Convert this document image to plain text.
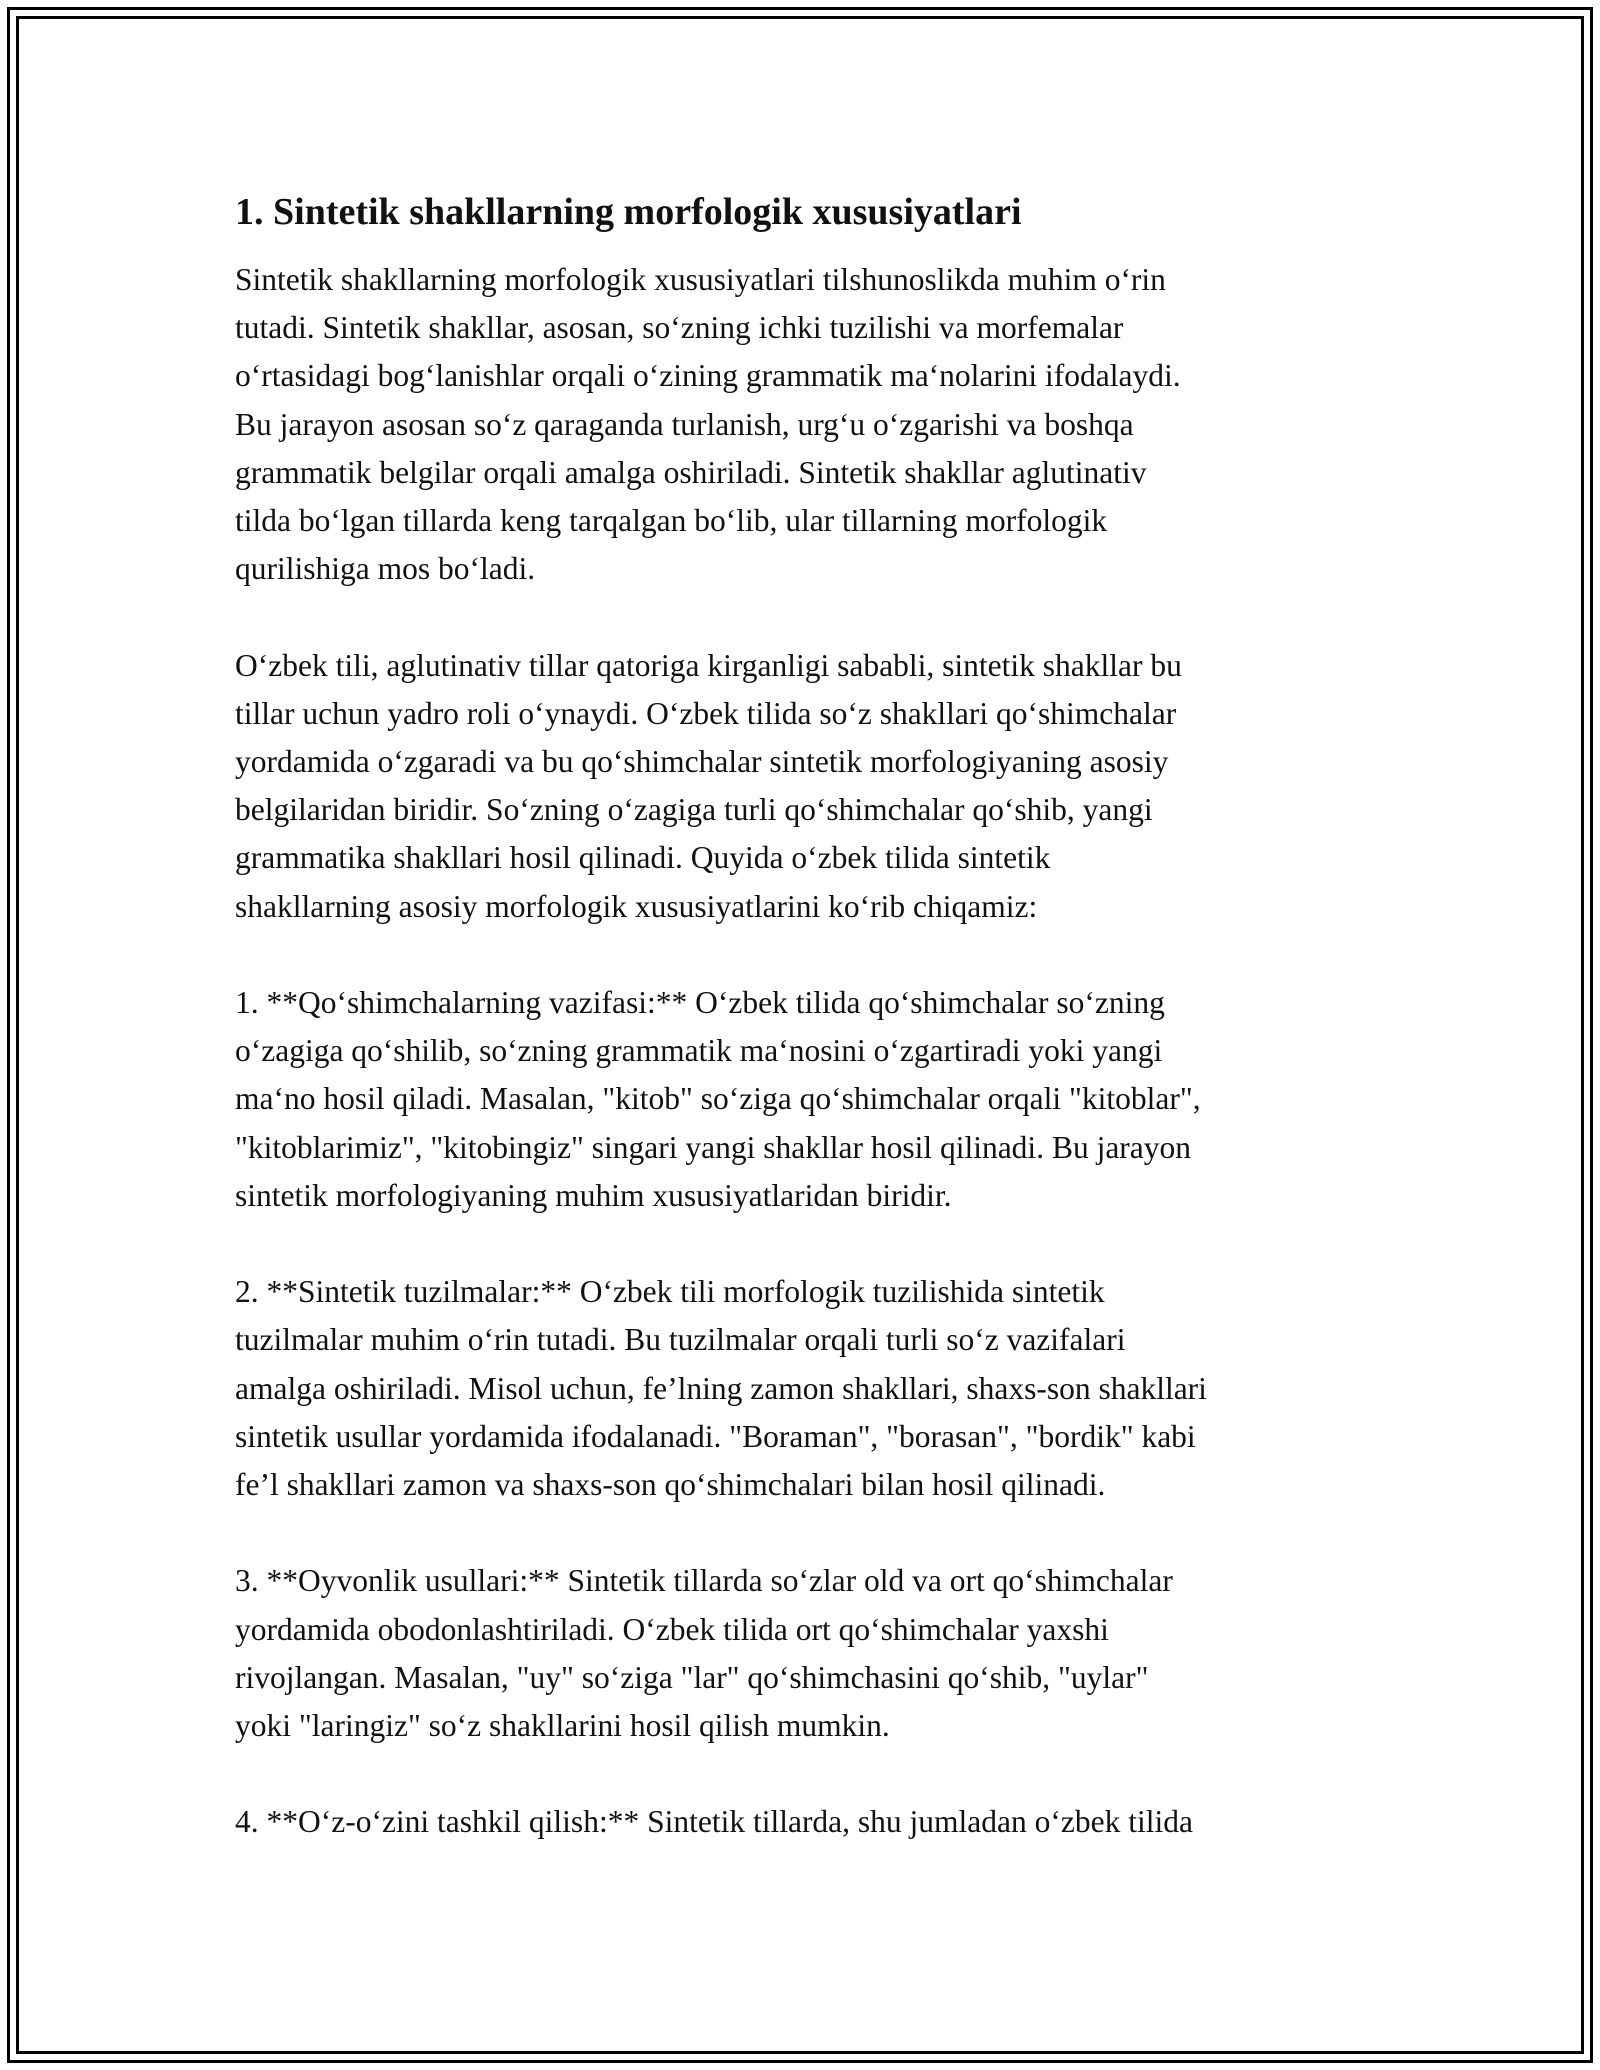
1. Sintetik shakllarning morfologik xususiyatlari
Sintetik shakllarning morfologik xususiyatlari tilshunoslikda muhim o‘rin
tutadi. Sintetik shakllar, asosan, so‘zning ichki tuzilishi va morfemalar
o‘rtasidagi bog‘lanishlar orqali o‘zining grammatik ma‘nolarini ifodalaydi.
Bu jarayon asosan so‘z qaraganda turlanish, urg‘u o‘zgarishi va boshqa
grammatik belgilar orqali amalga oshiriladi. Sintetik shakllar aglutinativ
tilda bo‘lgan tillarda keng tarqalgan bo‘lib, ular tillarning morfologik
qurilishiga mos bo‘ladi.
O‘zbek tili, aglutinativ tillar qatoriga kirganligi sababli, sintetik shakllar bu
tillar uchun yadro roli o‘ynaydi. O‘zbek tilida so‘z shakllari qo‘shimchalar
yordamida o‘zgaradi va bu qo‘shimchalar sintetik morfologiyaning asosiy
belgilaridan biridir. So‘zning o‘zagiga turli qo‘shimchalar qo‘shib, yangi
grammatika shakllari hosil qilinadi. Quyida o‘zbek tilida sintetik
shakllarning asosiy morfologik xususiyatlarini ko‘rib chiqamiz:
1. **Qo‘shimchalarning vazifasi:** O‘zbek tilida qo‘shimchalar so‘zning
o‘zagiga qo‘shilib, so‘zning grammatik ma‘nosini o‘zgartiradi yoki yangi
ma‘no hosil qiladi. Masalan, "kitob" so‘ziga qo‘shimchalar orqali "kitoblar",
"kitoblarimiz", "kitobingiz" singari yangi shakllar hosil qilinadi. Bu jarayon
sintetik morfologiyaning muhim xususiyatlaridan biridir.
2. **Sintetik tuzilmalar:** O‘zbek tili morfologik tuzilishida sintetik
tuzilmalar muhim o‘rin tutadi. Bu tuzilmalar orqali turli so‘z vazifalari
amalga oshiriladi. Misol uchun, fe’lning zamon shakllari, shaxs-son shakllari
sintetik usullar yordamida ifodalanadi. "Boraman", "borasan", "bordik" kabi
fe’l shakllari zamon va shaxs-son qo‘shimchalari bilan hosil qilinadi.
3. **Oyvonlik usullari:** Sintetik tillarda so‘zlar old va ort qo‘shimchalar
yordamida obodonlashtiriladi. O‘zbek tilida ort qo‘shimchalar yaxshi
rivojlangan. Masalan, "uy" so‘ziga "lar" qo‘shimchasini qo‘shib, "uylar"
yoki "laringiz" so‘z shakllarini hosil qilish mumkin.
4. **O‘z-o‘zini tashkil qilish:** Sintetik tillarda, shu jumladan o‘zbek tilida
